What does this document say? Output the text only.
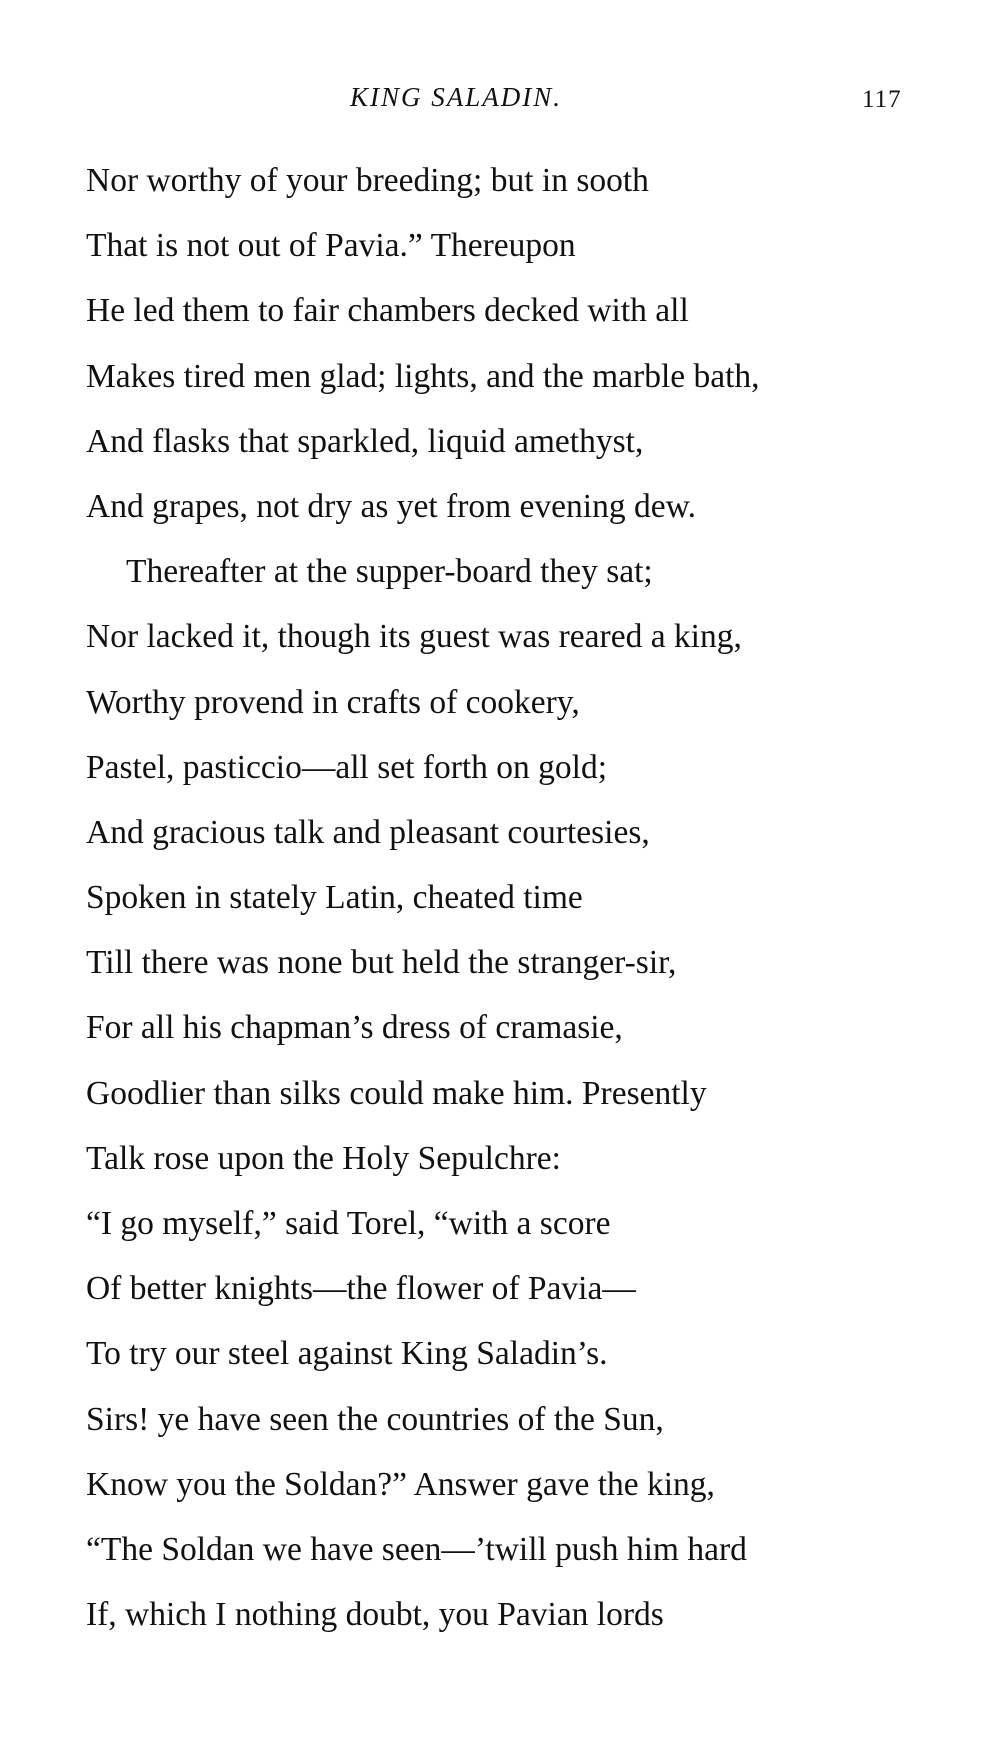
KING SALADIN.	117
Nor worthy of your breeding; but in sooth
That is not out of Pavia.” Thereupon
He led them to fair chambers decked with all
Makes tired men glad; lights, and the marble bath,
And flasks that sparkled, liquid amethyst,
And grapes, not dry as yet from evening dew.
Thereafter at the supper-board they sat;
Nor lacked it, though its guest was reared a king,
Worthy provend in crafts of cookery,
Pastel, pasticcio—all set forth on gold;
And gracious talk and pleasant courtesies,
Spoken in stately Latin, cheated time
Till there was none but held the stranger-sir,
For all his chapman’s dress of cramasie,
Goodlier than silks could make him. Presently
Talk rose upon the Holy Sepulchre:
“I go myself,” said Torel, “with a score
Of better knights—the flower of Pavia—
To try our steel against King Saladin’s.
Sirs! ye have seen the countries of the Sun,
Know you the Soldan?” Answer gave the king,
“The Soldan we have seen—’twill push him hard
If, which I nothing doubt, you Pavian lords
